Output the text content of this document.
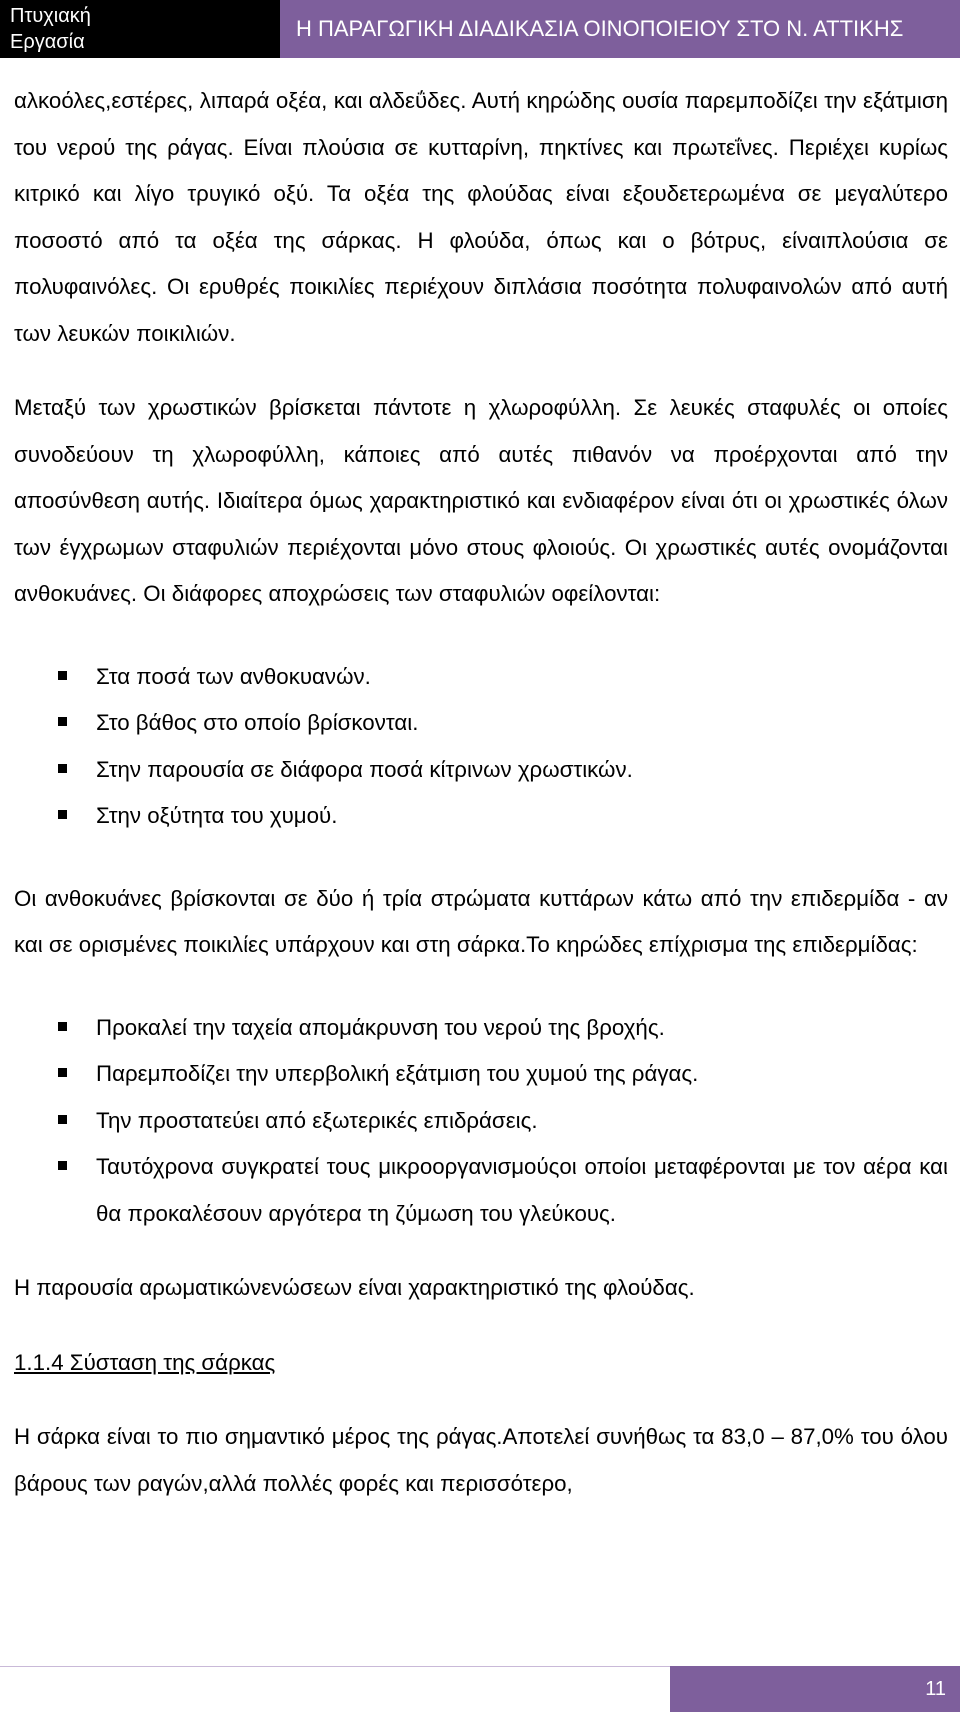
Πτυχιακή
Εργασία
Η ΠΑΡΑΓΩΓΙΚΗ ΔΙΑΔΙΚΑΣΙΑ ΟΙΝΟΠΟΙΕΙΟΥ ΣΤΟ Ν. ΑΤΤΙΚΗΣ

αλκοόλες,εστέρες, λιπαρά οξέα, και αλδεΰδες. Αυτή κηρώδης ουσία παρεμποδίζει την εξάτμιση του νερού της ράγας. Είναι πλούσια σε κυτταρίνη, πηκτίνες και πρωτεΐνες. Περιέχει κυρίως κιτρικό και λίγο τρυγικό οξύ. Τα οξέα της φλούδας είναι εξουδετερωμένα σε μεγαλύτερο ποσοστό από τα οξέα της σάρκας. Η φλούδα, όπως και ο βότρυς, είναιπλούσια σε πολυφαινόλες. Οι ερυθρές ποικιλίες περιέχουν διπλάσια ποσότητα πολυφαινολών από αυτή των λευκών ποικιλιών.

Μεταξύ των χρωστικών βρίσκεται πάντοτε η χλωροφύλλη. Σε λευκές σταφυλές οι οποίες συνοδεύουν τη χλωροφύλλη, κάποιες από αυτές πιθανόν να προέρχονται από την αποσύνθεση αυτής. Ιδιαίτερα όμως χαρακτηριστικό και ενδιαφέρον είναι ότι οι χρωστικές όλων των έγχρωμων σταφυλιών περιέχονται μόνο στους φλοιούς. Οι χρωστικές αυτές ονομάζονται ανθοκυάνες. Οι διάφορες αποχρώσεις των σταφυλιών οφείλονται:

Στα ποσά των ανθοκυανών.
Στο βάθος στο οποίο βρίσκονται.
Στην παρουσία σε διάφορα ποσά κίτρινων χρωστικών.
Στην οξύτητα του χυμού.

Οι ανθοκυάνες βρίσκονται σε δύο ή τρία στρώματα κυττάρων κάτω από την επιδερμίδα - αν και σε ορισμένες ποικιλίες υπάρχουν και στη σάρκα.Το κηρώδες επίχρισμα της επιδερμίδας:

Προκαλεί την ταχεία απομάκρυνση του νερού της βροχής.
Παρεμποδίζει την υπερβολική εξάτμιση του χυμού της ράγας.
Την προστατεύει από εξωτερικές επιδράσεις.
Ταυτόχρονα συγκρατεί τους μικροοργανισμούςοι οποίοι μεταφέρονται με τον αέρα και θα προκαλέσουν αργότερα τη ζύμωση του γλεύκους.

Η παρουσία αρωματικώνενώσεων είναι χαρακτηριστικό της φλούδας.

1.1.4 Σύσταση της σάρκας

Η σάρκα είναι το πιο σημαντικό μέρος της ράγας.Αποτελεί συνήθως τα 83,0 – 87,0% του όλου βάρους των ραγών,αλλά πολλές φορές και περισσότερο,

11
